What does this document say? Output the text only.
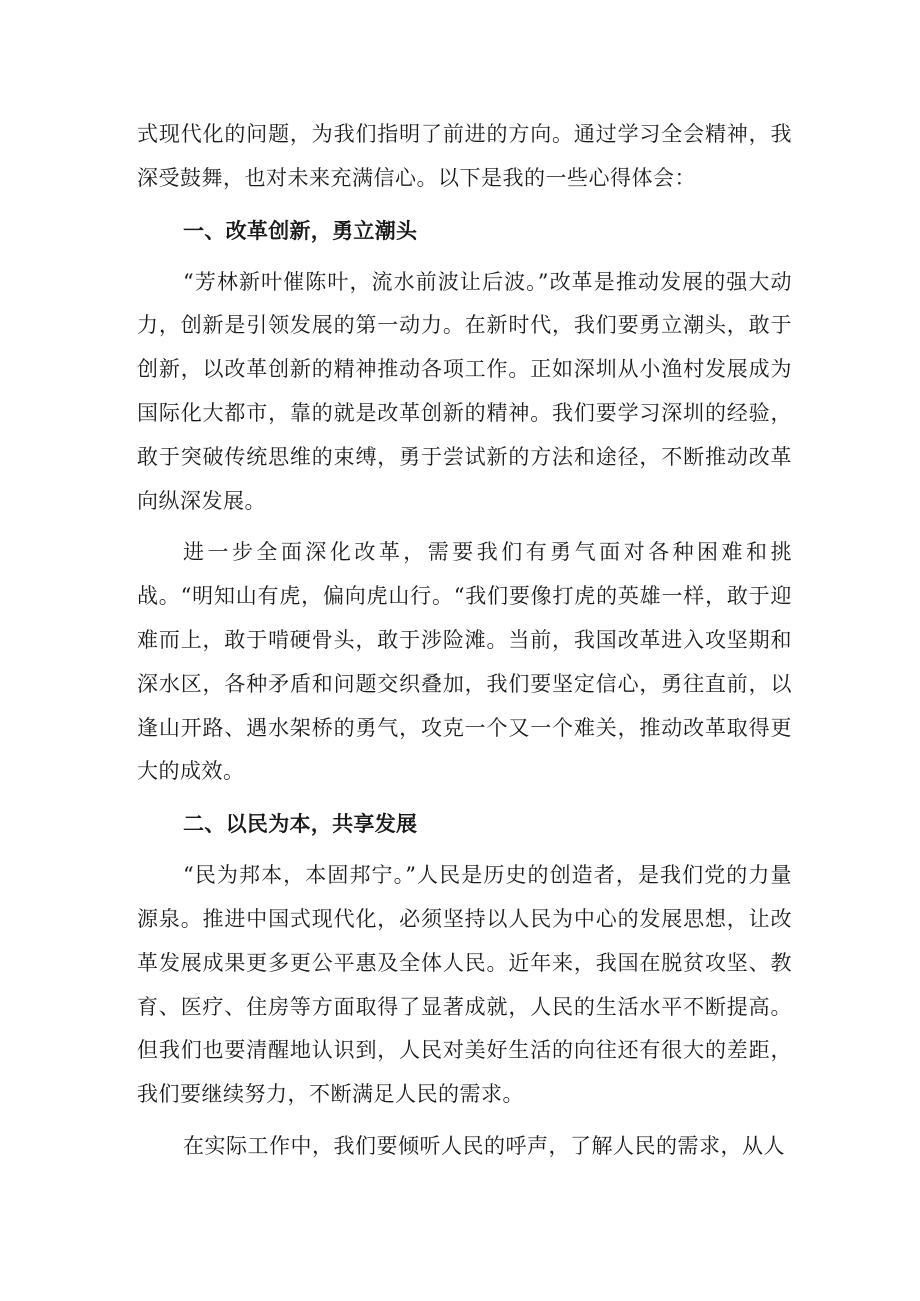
式现代化的问题，为我们指明了前进的方向。通过学习全会精神，我深受鼓舞，也对未来充满信心。以下是我的一些心得体会：

一、改革创新，勇立潮头

“芳林新叶催陈叶，流水前波让后波。”改革是推动发展的强大动力，创新是引领发展的第一动力。在新时代，我们要勇立潮头，敢于创新，以改革创新的精神推动各项工作。正如深圳从小渔村发展成为国际化大都市，靠的就是改革创新的精神。我们要学习深圳的经验，敢于突破传统思维的束缚，勇于尝试新的方法和途径，不断推动改革向纵深发展。

进一步全面深化改革，需要我们有勇气面对各种困难和挑战。“明知山有虎，偏向虎山行。“我们要像打虎的英雄一样，敢于迎难而上，敢于啃硬骨头，敢于涉险滩。当前，我国改革进入攻坚期和深水区，各种矛盾和问题交织叠加，我们要坚定信心，勇往直前，以逢山开路、遇水架桥的勇气，攻克一个又一个难关，推动改革取得更大的成效。

二、以民为本，共享发展

“民为邦本，本固邦宁。”人民是历史的创造者，是我们党的力量源泉。推进中国式现代化，必须坚持以人民为中心的发展思想，让改革发展成果更多更公平惠及全体人民。近年来，我国在脱贫攻坚、教育、医疗、住房等方面取得了显著成就，人民的生活水平不断提高。但我们也要清醒地认识到，人民对美好生活的向往还有很大的差距，我们要继续努力，不断满足人民的需求。

在实际工作中，我们要倾听人民的呼声，了解人民的需求，从人
